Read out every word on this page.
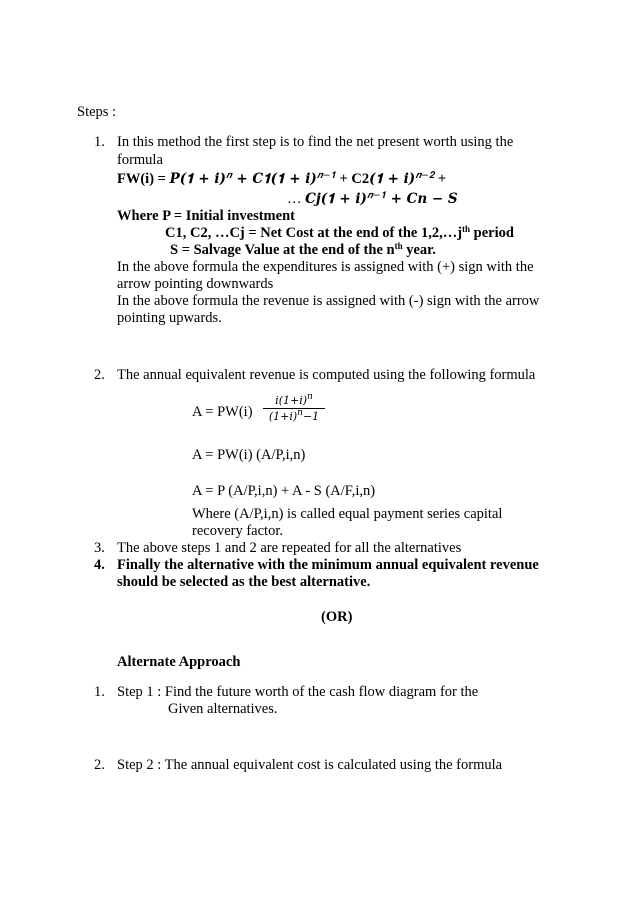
Steps :
1. In this method the first step is to find the net present worth using the
formula
FW(i) = 𝑷(𝟏 + 𝒊)$^𝒏$ + 𝑪𝟏(𝟏 + 𝒊)$^{𝒏-𝟏}$ + C2(𝟏 + 𝒊)$^{𝒏-𝟐}$ +
… 𝑪𝒋(𝟏 + 𝒊)$^{𝒏-𝟏}$ + 𝑪𝒏 − 𝑺
Where P = Initial investment
C1, C2, …Cj = Net Cost at the end of the $1,2,\dots j^{th}$ period
S = Salvage Value at the end of the $n^{th}$ year.
In the above formula the expenditures is assigned with (+) sign with the
arrow pointing downwards
In the above formula the revenue is assigned with (-) sign with the arrow
pointing upwards.
2. The annual equivalent revenue is computed using the following formula
A = PW(i)
𝑖(1+𝑖)$^𝑛$
(1+𝑖)$^𝑛$−1
A = PW(i) (A/P,i,n)
A = P (A/P,i,n) + A - S (A/F,i,n)
Where (A/P,i,n) is called equal payment series capital
recovery factor.
3. The above steps 1 and 2 are repeated for all the alternatives
4. Finally the alternative with the minimum annual equivalent revenue
should be selected as the best alternative.
(OR)
Alternate Approach
1. Step 1 : Find the future worth of the cash flow diagram for the
Given alternatives.
2. Step 2 : The annual equivalent cost is calculated using the formula
